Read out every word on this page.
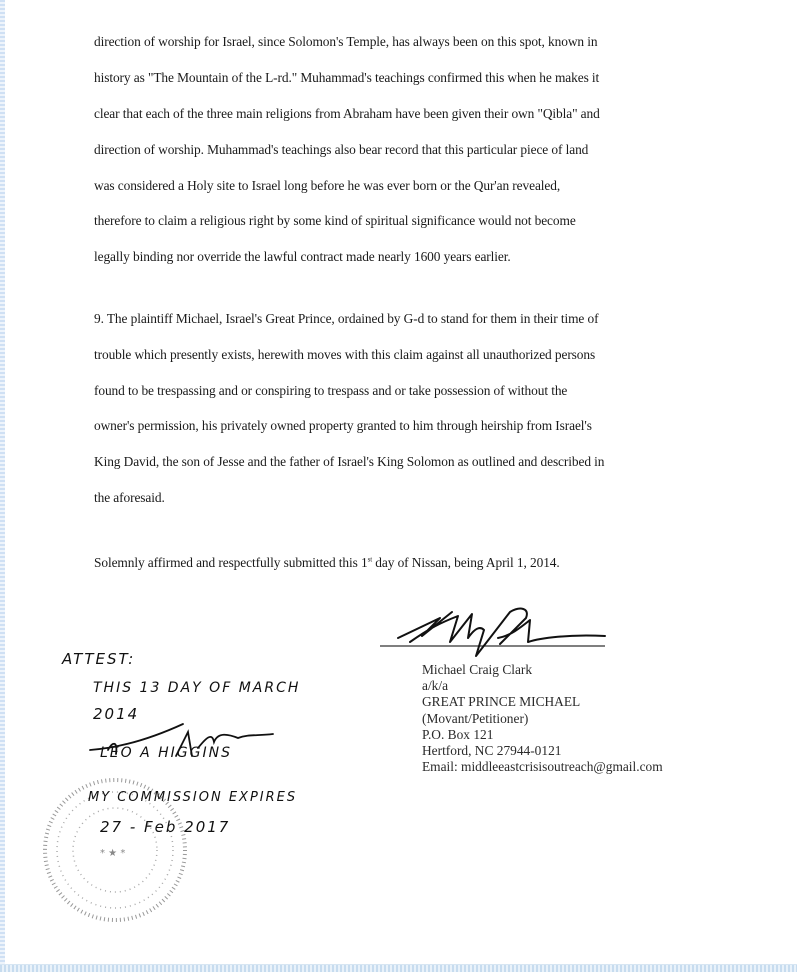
direction of worship for Israel, since Solomon's Temple, has always been on this spot, known in
history as "The Mountain of the L-rd." Muhammad's teachings confirmed this when he makes it
clear that each of the three main religions from Abraham have been given their own "Qibla" and
direction of worship. Muhammad's teachings also bear record that this particular piece of land
was considered a Holy site to Israel long before he was ever born or the Qur'an revealed,
therefore to claim a religious right by some kind of spiritual significance would not become
legally binding nor override the lawful contract made nearly 1600 years earlier.
9. The plaintiff Michael, Israel's Great Prince, ordained by G-d to stand for them in their time of
trouble which presently exists, herewith moves with this claim against all unauthorized persons
found to be trespassing and or conspiring to trespass and or take possession of without the
owner's permission, his privately owned property granted to him through heirship from Israel's
King David, the son of Jesse and the father of Israel's King Solomon as outlined and described in
the aforesaid.
Solemnly affirmed and respectfully submitted this 1st day of Nissan, being April 1, 2014.
Michael Craig Clark
a/k/a
GREAT PRINCE MICHAEL
(Movant/Petitioner)
P.O. Box 121
Hertford, NC 27944-0121
Email: middleeastcrisisoutreach@gmail.com
* ★ *
ATTEST:
THIS 13 DAY OF MARCH
2014
LEO A HIGGINS
MY COMMISSION EXPIRES
27 - Feb 2017
